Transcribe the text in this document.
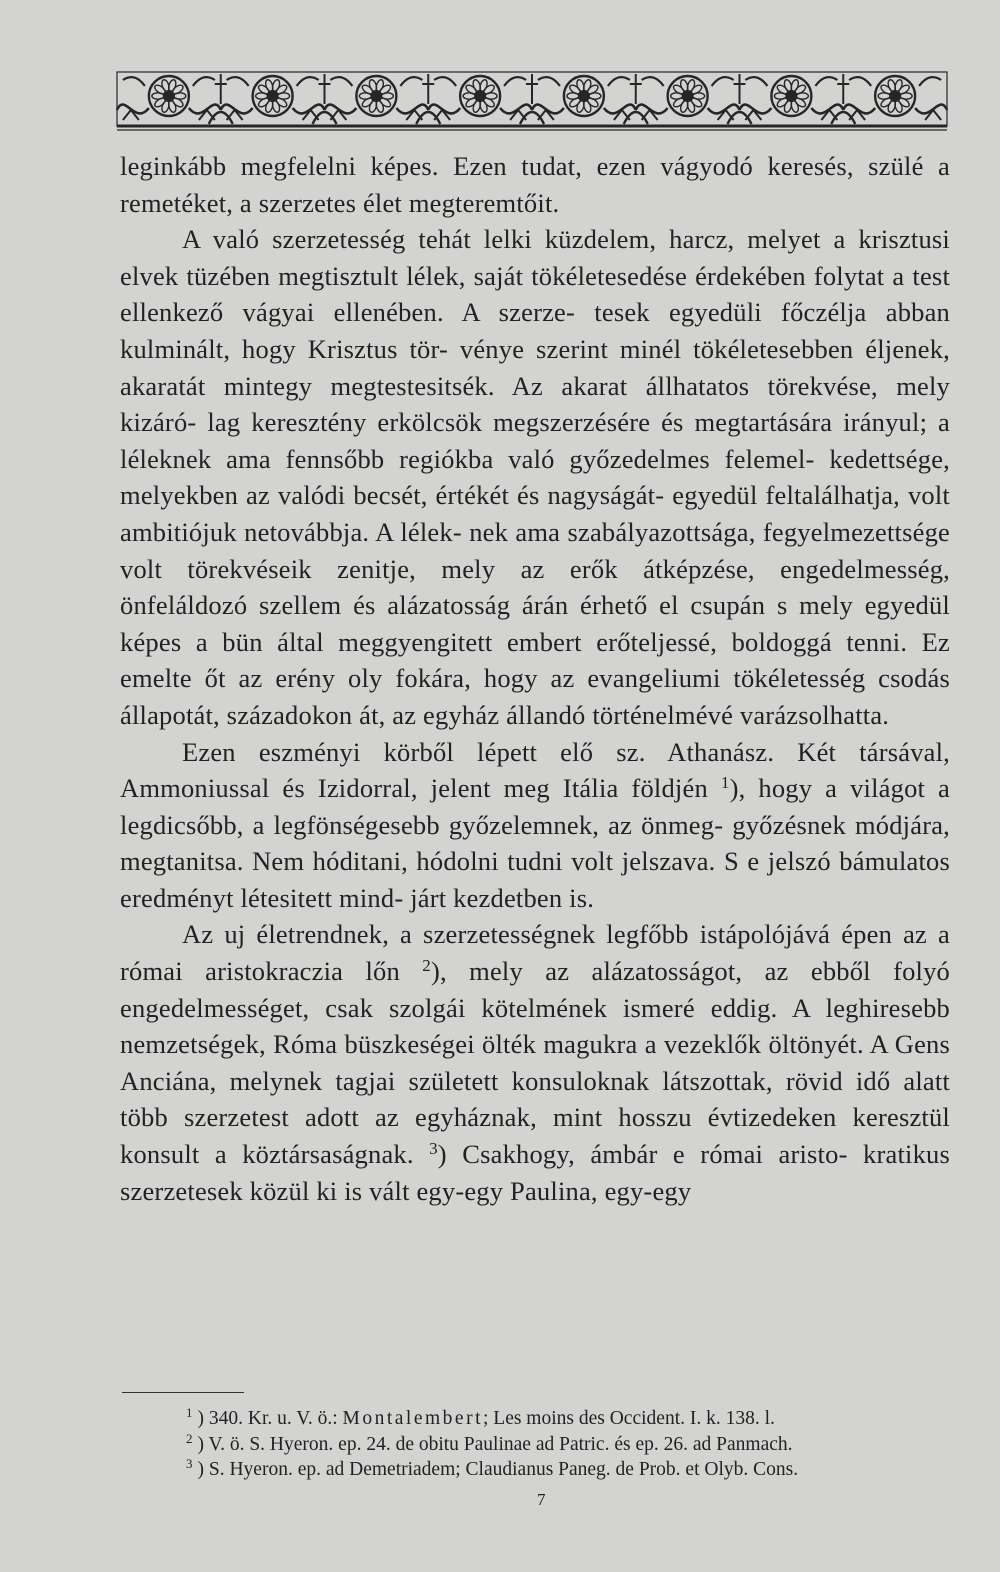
leginkább megfelelni képes. Ezen tudat, ezen vágyodó keresés, szülé a remetéket, a szerzetes élet megteremtőit.

A való szerzetesség tehát lelki küzdelem, harcz, melyet a krisztusi elvek tüzében megtisztult lélek, saját tökéletesedése érdekében folytat a test ellenkező vágyai ellenében. A szerze- tesek egyedüli főczélja abban kulminált, hogy Krisztus tör- vénye szerint minél tökéletesebben éljenek, akaratát mintegy megtestesitsék. Az akarat állhatatos törekvése, mely kizáró- lag keresztény erkölcsök megszerzésére és megtartására irányul; a léleknek ama fennsőbb regiókba való győzedelmes felemel- kedettsége, melyekben az valódi becsét, értékét és nagyságát- egyedül feltalálhatja, volt ambitiójuk netovábbja. A lélek- nek ama szabályazottsága, fegyelmezettsége volt törekvéseik zenitje, mely az erők átképzése, engedelmesség, önfeláldozó szellem és alázatosság árán érhető el csupán s mely egyedül képes a bün által meggyengitett embert erőteljessé, boldoggá tenni. Ez emelte őt az erény oly fokára, hogy az evangeliumi tökéletesség csodás állapotát, századokon át, az egyház állandó történelmévé varázsolhatta.

Ezen eszményi körből lépett elő sz. Athanász. Két társával, Ammoniussal és Izidorral, jelent meg Itália földjén $^1$), hogy a világot a legdicsőbb, a legfönségesebb győzelemnek, az önmeg- győzésnek módjára, megtanitsa. Nem hóditani, hódolni tudni volt jelszava. S e jelszó bámulatos eredményt létesitett mind- járt kezdetben is.

Az uj életrendnek, a szerzetességnek legfőbb istápolójává épen az a római aristokraczia lőn $^2$), mely az alázatosságot, az ebből folyó engedelmességet, csak szolgái kötelmének ismeré eddig. A leghiresebb nemzetségek, Róma büszkeségei ölték magukra a vezeklők öltönyét. A Gens Anciána, melynek tagjai született konsuloknak látszottak, rövid idő alatt több szerzetest adott az egyháznak, mint hosszu évtizedeken keresztül konsult a köztársaságnak. $^3$) Csakhogy, ámbár e római aristo- kratikus szerzetesek közül ki is vált egy-egy Paulina, egy-egy

$^1$ ) 340. Kr. u. V. ö.: Montalembert; Les moins des Occident. I. k. 138. l.
$^2$ ) V. ö. S. Hyeron. ep. 24. de obitu Paulinae ad Patric. és ep. 26. ad Panmach.
$^3$ ) S. Hyeron. ep. ad Demetriadem; Claudianus Paneg. de Prob. et Olyb. Cons.
7
